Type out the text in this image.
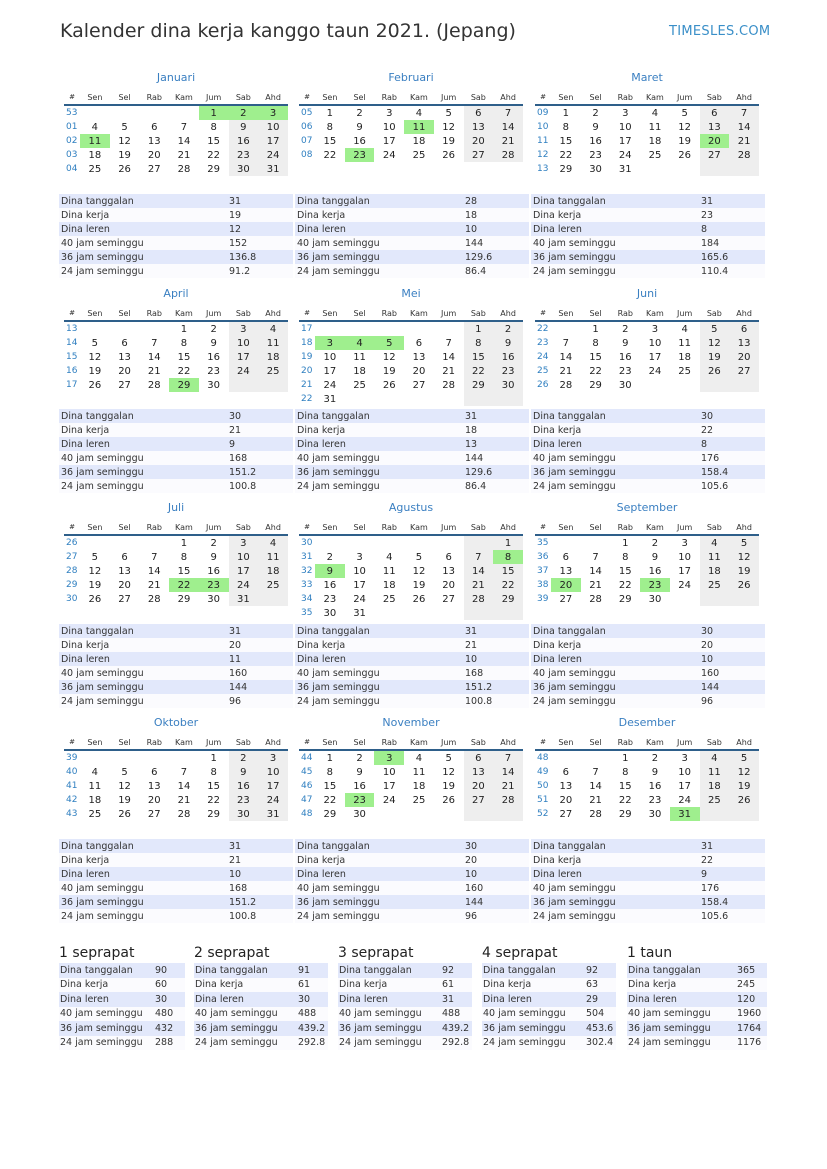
Kalender dina kerja kanggo taun 2021. (Jepang)	TIMESLES.COM
Januari
#	Sen	Sel	Rab	Kam	Jum	Sab	Ahd
53					1	2	3
01	4	5	6	7	8	9	10
02	11	12	13	14	15	16	17
03	18	19	20	21	22	23	24
04	25	26	27	28	29	30	31
Dina tanggalan	31
Dina kerja	19
Dina leren	12
40 jam seminggu	152
36 jam seminggu	136.8
24 jam seminggu	91.2
Februari
#	Sen	Sel	Rab	Kam	Jum	Sab	Ahd
05	1	2	3	4	5	6	7
06	8	9	10	11	12	13	14
07	15	16	17	18	19	20	21
08	22	23	24	25	26	27	28
Dina tanggalan	28
Dina kerja	18
Dina leren	10
40 jam seminggu	144
36 jam seminggu	129.6
24 jam seminggu	86.4
Maret
#	Sen	Sel	Rab	Kam	Jum	Sab	Ahd
09	1	2	3	4	5	6	7
10	8	9	10	11	12	13	14
11	15	16	17	18	19	20	21
12	22	23	24	25	26	27	28
13	29	30	31				
Dina tanggalan	31
Dina kerja	23
Dina leren	8
40 jam seminggu	184
36 jam seminggu	165.6
24 jam seminggu	110.4
April
#	Sen	Sel	Rab	Kam	Jum	Sab	Ahd
13				1	2	3	4
14	5	6	7	8	9	10	11
15	12	13	14	15	16	17	18
16	19	20	21	22	23	24	25
17	26	27	28	29	30		
Dina tanggalan	30
Dina kerja	21
Dina leren	9
40 jam seminggu	168
36 jam seminggu	151.2
24 jam seminggu	100.8
Mei
#	Sen	Sel	Rab	Kam	Jum	Sab	Ahd
17						1	2
18	3	4	5	6	7	8	9
19	10	11	12	13	14	15	16
20	17	18	19	20	21	22	23
21	24	25	26	27	28	29	30
22	31						
Dina tanggalan	31
Dina kerja	18
Dina leren	13
40 jam seminggu	144
36 jam seminggu	129.6
24 jam seminggu	86.4
Juni
#	Sen	Sel	Rab	Kam	Jum	Sab	Ahd
22		1	2	3	4	5	6
23	7	8	9	10	11	12	13
24	14	15	16	17	18	19	20
25	21	22	23	24	25	26	27
26	28	29	30				
Dina tanggalan	30
Dina kerja	22
Dina leren	8
40 jam seminggu	176
36 jam seminggu	158.4
24 jam seminggu	105.6
Juli
#	Sen	Sel	Rab	Kam	Jum	Sab	Ahd
26				1	2	3	4
27	5	6	7	8	9	10	11
28	12	13	14	15	16	17	18
29	19	20	21	22	23	24	25
30	26	27	28	29	30	31	
Dina tanggalan	31
Dina kerja	20
Dina leren	11
40 jam seminggu	160
36 jam seminggu	144
24 jam seminggu	96
Agustus
#	Sen	Sel	Rab	Kam	Jum	Sab	Ahd
30							1
31	2	3	4	5	6	7	8
32	9	10	11	12	13	14	15
33	16	17	18	19	20	21	22
34	23	24	25	26	27	28	29
35	30	31					
Dina tanggalan	31
Dina kerja	21
Dina leren	10
40 jam seminggu	168
36 jam seminggu	151.2
24 jam seminggu	100.8
September
#	Sen	Sel	Rab	Kam	Jum	Sab	Ahd
35			1	2	3	4	5
36	6	7	8	9	10	11	12
37	13	14	15	16	17	18	19
38	20	21	22	23	24	25	26
39	27	28	29	30			
Dina tanggalan	30
Dina kerja	20
Dina leren	10
40 jam seminggu	160
36 jam seminggu	144
24 jam seminggu	96
Oktober
#	Sen	Sel	Rab	Kam	Jum	Sab	Ahd
39					1	2	3
40	4	5	6	7	8	9	10
41	11	12	13	14	15	16	17
42	18	19	20	21	22	23	24
43	25	26	27	28	29	30	31
Dina tanggalan	31
Dina kerja	21
Dina leren	10
40 jam seminggu	168
36 jam seminggu	151.2
24 jam seminggu	100.8
November
#	Sen	Sel	Rab	Kam	Jum	Sab	Ahd
44	1	2	3	4	5	6	7
45	8	9	10	11	12	13	14
46	15	16	17	18	19	20	21
47	22	23	24	25	26	27	28
48	29	30					
Dina tanggalan	30
Dina kerja	20
Dina leren	10
40 jam seminggu	160
36 jam seminggu	144
24 jam seminggu	96
Desember
#	Sen	Sel	Rab	Kam	Jum	Sab	Ahd
48			1	2	3	4	5
49	6	7	8	9	10	11	12
50	13	14	15	16	17	18	19
51	20	21	22	23	24	25	26
52	27	28	29	30	31		
Dina tanggalan	31
Dina kerja	22
Dina leren	9
40 jam seminggu	176
36 jam seminggu	158.4
24 jam seminggu	105.6
1 seprapat
Dina tanggalan	90
Dina kerja	60
Dina leren	30
40 jam seminggu	480
36 jam seminggu	432
24 jam seminggu	288
2 seprapat
Dina tanggalan	91
Dina kerja	61
Dina leren	30
40 jam seminggu	488
36 jam seminggu	439.2
24 jam seminggu	292.8
3 seprapat
Dina tanggalan	92
Dina kerja	61
Dina leren	31
40 jam seminggu	488
36 jam seminggu	439.2
24 jam seminggu	292.8
4 seprapat
Dina tanggalan	92
Dina kerja	63
Dina leren	29
40 jam seminggu	504
36 jam seminggu	453.6
24 jam seminggu	302.4
1 taun
Dina tanggalan	365
Dina kerja	245
Dina leren	120
40 jam seminggu	1960
36 jam seminggu	1764
24 jam seminggu	1176
